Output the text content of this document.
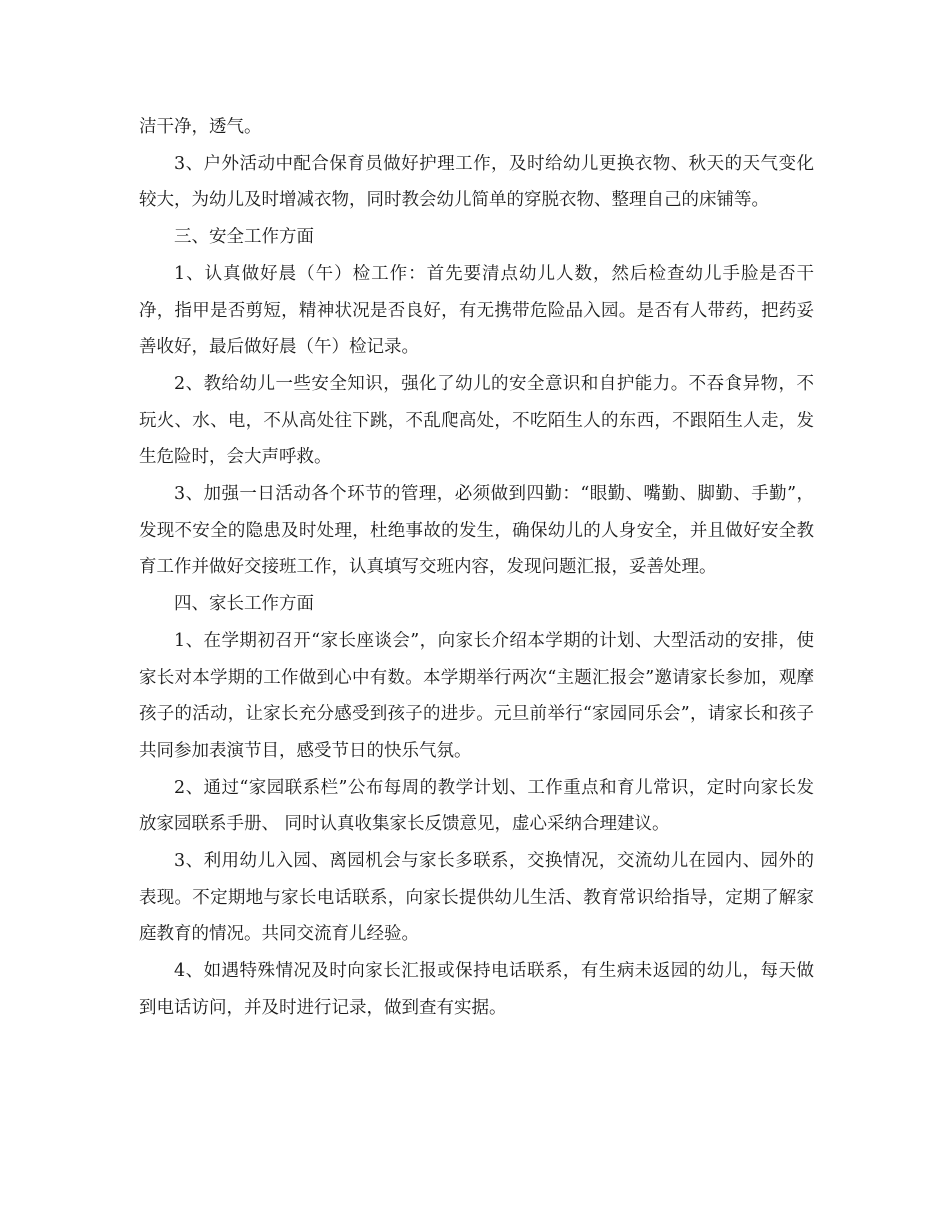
洁干净，透气。

3、户外活动中配合保育员做好护理工作，及时给幼儿更换衣物、秋天的天气变化较大，为幼儿及时增减衣物，同时教会幼儿简单的穿脱衣物、整理自己的床铺等。

三、安全工作方面

1、认真做好晨（午）检工作：首先要清点幼儿人数，然后检查幼儿手脸是否干净，指甲是否剪短，精神状况是否良好，有无携带危险品入园。是否有人带药，把药妥善收好，最后做好晨（午）检记录。

2、教给幼儿一些安全知识，强化了幼儿的安全意识和自护能力。不吞食异物，不玩火、水、电，不从高处往下跳，不乱爬高处，不吃陌生人的东西，不跟陌生人走，发生危险时，会大声呼救。

3、加强一日活动各个环节的管理，必须做到四勤：“眼勤、嘴勤、脚勤、手勤”，发现不安全的隐患及时处理，杜绝事故的发生，确保幼儿的人身安全，并且做好安全教育工作并做好交接班工作，认真填写交班内容，发现问题汇报，妥善处理。

四、家长工作方面

1、在学期初召开“家长座谈会”，向家长介绍本学期的计划、大型活动的安排，使家长对本学期的工作做到心中有数。本学期举行两次“主题汇报会”邀请家长参加，观摩孩子的活动，让家长充分感受到孩子的进步。元旦前举行“家园同乐会”，请家长和孩子共同参加表演节目，感受节日的快乐气氛。

2、通过“家园联系栏”公布每周的教学计划、工作重点和育儿常识，定时向家长发放家园联系手册、 同时认真收集家长反馈意见，虚心采纳合理建议。

3、利用幼儿入园、离园机会与家长多联系，交换情况，交流幼儿在园内、园外的表现。不定期地与家长电话联系，向家长提供幼儿生活、教育常识给指导，定期了解家庭教育的情况。共同交流育儿经验。

4、如遇特殊情况及时向家长汇报或保持电话联系，有生病未返园的幼儿，每天做到电话访问，并及时进行记录，做到查有实据。
